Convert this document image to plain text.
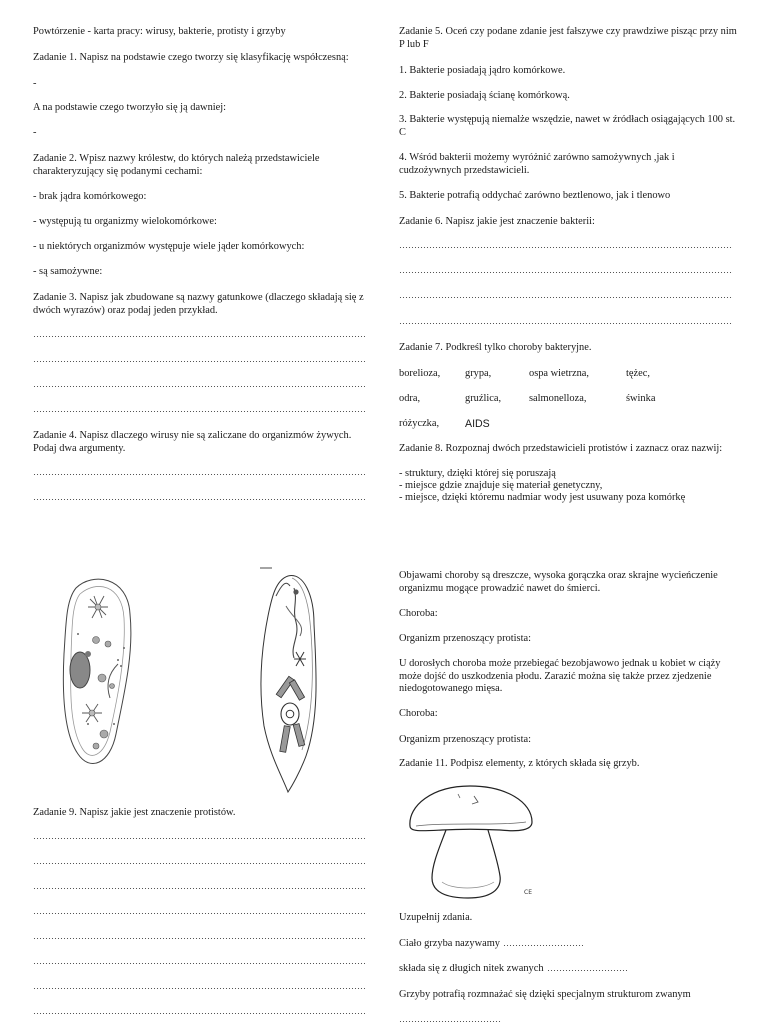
Powtórzenie - karta pracy: wirusy, bakterie, protisty i grzyby
Zadanie 1. Napisz na podstawie czego tworzy się klasyfikację współczesną:
-
A na podstawie czego tworzyło się ją dawniej:
-
Zadanie 2. Wpisz nazwy królestw, do których należą przedstawiciele charakteryzujący się podanymi cechami:
- brak jądra komórkowego:
- występują tu organizmy wielokomórkowe:
- u niektórych organizmów występuje wiele jąder komórkowych:
- są samożywne:
Zadanie 3. Napisz jak zbudowane są nazwy gatunkowe (dlaczego składają się z dwóch wyrazów) oraz podaj jeden przykład.
Zadanie 4. Napisz dlaczego wirusy nie są zaliczane do organizmów żywych. Podaj dwa argumenty.
Zadanie 9. Napisz jakie jest znaczenie protistów.
Zadanie 5. Oceń czy podane zdanie jest fałszywe czy prawdziwe pisząc przy nim P lub F
1. Bakterie posiadają jądro komórkowe.
2. Bakterie posiadają ścianę komórkową.
3. Bakterie występują niemalże wszędzie, nawet w źródłach osiągających 100 st. C
4. Wśród bakterii możemy wyróżnić zarówno samożywnych ,jak i cudzożywnych przedstawicieli.
5. Bakterie potrafią oddychać zarówno beztlenowo, jak i tlenowo
Zadanie 6. Napisz jakie jest znaczenie bakterii:
Zadanie 7. Podkreśl tylko choroby bakteryjne.
borelioza, grypa,	ospa wietrzna,	tężec,
odra,	gruźlica,	salmonelloza,	świnka
różyczka, AIDS
Zadanie 8. Rozpoznaj dwóch przedstawicieli protistów i zaznacz oraz nazwij:
- struktury, dzięki której się poruszają
- miejsce gdzie znajduje się materiał genetyczny,
- miejsce, dzięki któremu nadmiar wody jest usuwany poza komórkę
Objawami choroby są dreszcze, wysoka gorączka oraz skrajne wycieńczenie organizmu mogące prowadzić nawet do śmierci.
Choroba:
Organizm przenoszący protista:
U dorosłych choroba może przebiegać bezobjawowo jednak u kobiet w ciąży może dojść do uszkodzenia płodu. Zarazić można się także przez zjedzenie niedogotowanego mięsa.
Choroba:
Organizm przenoszący protista:
Zadanie 11. Podpisz elementy, z których składa się grzyb.
Uzupełnij zdania.
Ciało grzyba nazywamy
składa się z długich nitek zwanych
Grzyby potrafią rozmnażać się dzięki specjalnym strukturom zwanym
CE
